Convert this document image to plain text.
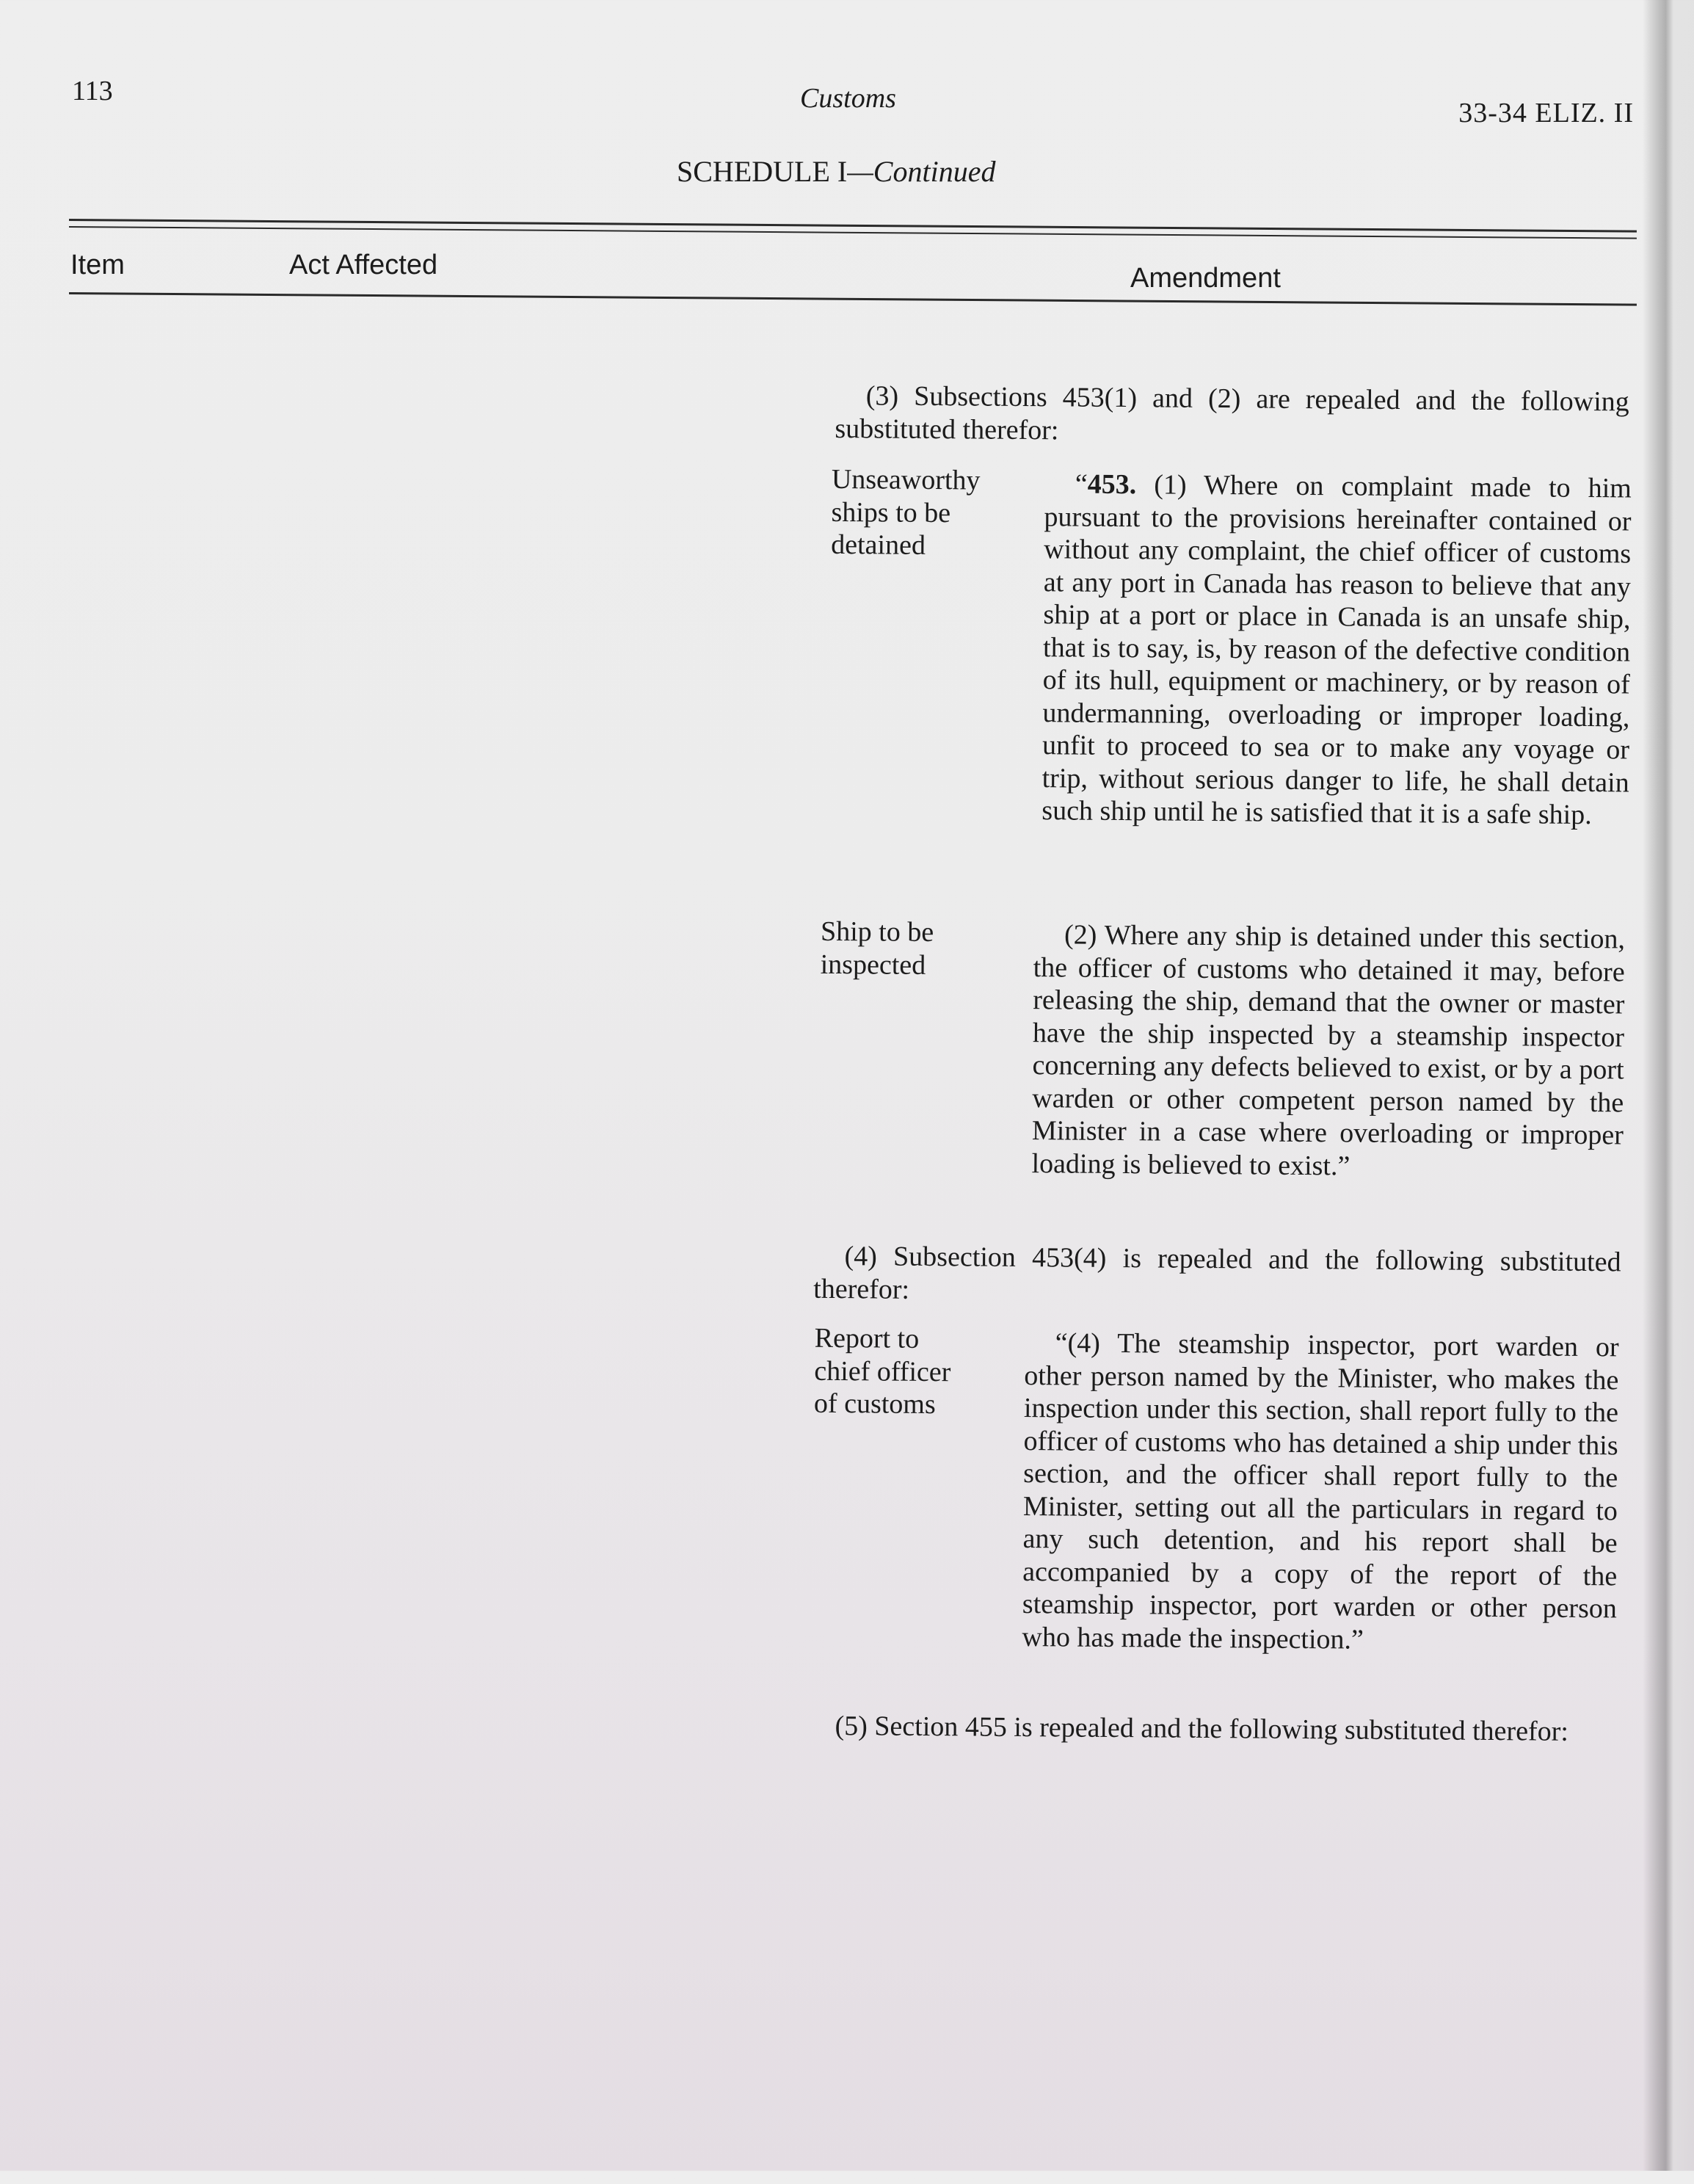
113	Customs	33-34 ELIZ. II
SCHEDULE I—Continued
Item	Act Affected	Amendment

(3) Subsections 453(1) and (2) are repealed and the following substituted therefor:

Unseaworthy ships to be detained

“453. (1) Where on complaint made to him pursuant to the provisions hereinafter contained or without any complaint, the chief officer of customs at any port in Canada has reason to believe that any ship at a port or place in Canada is an unsafe ship, that is to say, is, by reason of the defective condition of its hull, equipment or machinery, or by reason of undermanning, overloading or improper loading, unfit to proceed to sea or to make any voyage or trip, without serious danger to life, he shall detain such ship until he is satisfied that it is a safe ship.

Ship to be inspected

(2) Where any ship is detained under this section, the officer of customs who detained it may, before releasing the ship, demand that the owner or master have the ship inspected by a steamship inspector concerning any defects believed to exist, or by a port warden or other competent person named by the Minister in a case where overloading or improper loading is believed to exist.”

(4) Subsection 453(4) is repealed and the following substituted therefor:

Report to chief officer of customs

“(4) The steamship inspector, port warden or other person named by the Minister, who makes the inspection under this section, shall report fully to the officer of customs who has detained a ship under this section, and the officer shall report fully to the Minister, setting out all the particulars in regard to any such detention, and his report shall be accompanied by a copy of the report of the steamship inspector, port warden or other person who has made the inspection.”

(5) Section 455 is repealed and the following substituted therefor:
